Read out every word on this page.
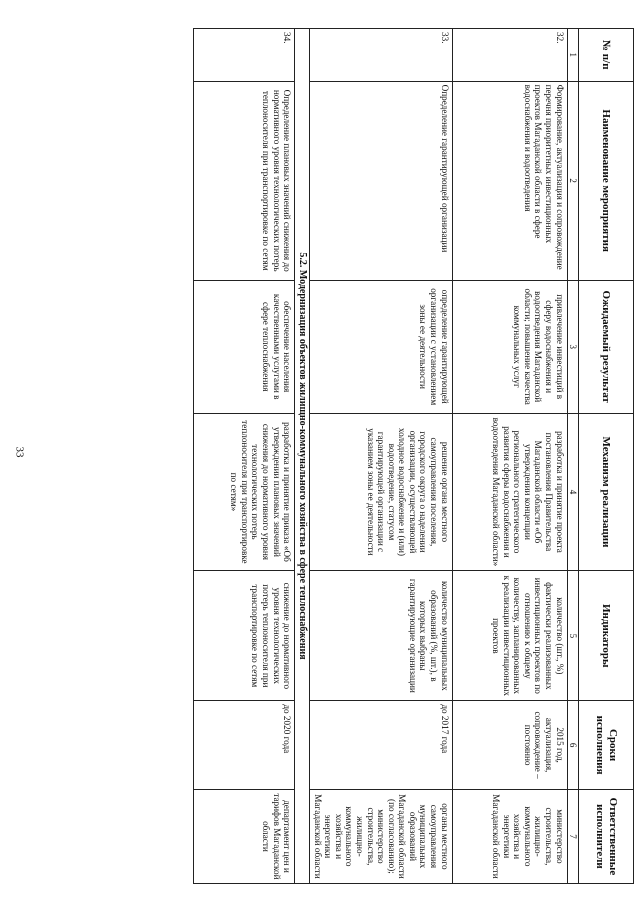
33
№ п/п	Наименование мероприятия	Ожидаемый результат	Механизм реализации	Индикаторы	Сроки исполнения	Ответственные исполнители
1	2	3	4	5	6	7
32.	Формирование, актуализация и сопровождение перечня приоритетных инвестиционных проектов Магаданской области в сфере водоснабжения и водоотведения	привлечение инвестиций в сферу водоснабжения и водоотведения Магаданской области; повышение качества коммунальных услуг	разработка и принятие проекта постановления Правительства Магаданской области «Об утверждении концепции регионального стратегического развития сферы водоснабжения и водоотведения Магаданской области»	количество (шт., %) фактически реализованных инвестиционных проектов по отношению к общему количеству, запланированных к реализации инвестиционных проектов	2015 год, актуализация, сопровождение – постоянно	министерство строительства, жилищно-коммунального хозяйства и энергетики Магаданской области
33.	Определение гарантирующей организации	определение гарантирующей организации с установлением зоны ее деятельности	решение органа местного самоуправления поселения, городского округа о наделении организации, осуществляющей холодное водоснабжение и (или) водоотведение, статусом гарантирующей организации с указанием зоны ее деятельности	количество муниципальных образований (%, шт.), в которых выбраны гарантирующие организации	до 2017 года	органы местного самоуправления муниципальных образований Магаданской области (по согласованию); министерство строительства, жилищно-коммунального хозяйства и энергетики Магаданской области
5.2. Модернизация объектов жилищно-коммунального хозяйства в сфере теплоснабжения						
34.	Определение плановых значений снижения до нормативного уровня технологических потерь теплоносителя при транспортировке по сетям	обеспечение населения качественными услугами в сфере теплоснабжения	разработка и принятие приказа «Об утверждении плановых значений снижения до нормативного уровня технологических потерь теплоносителя при транспортировке по сетям»	снижение до нормативного уровня технологических потерь теплоносителя при транспортировке по сетям	до 2020 года	департамент цен и тарифов Магаданской области
